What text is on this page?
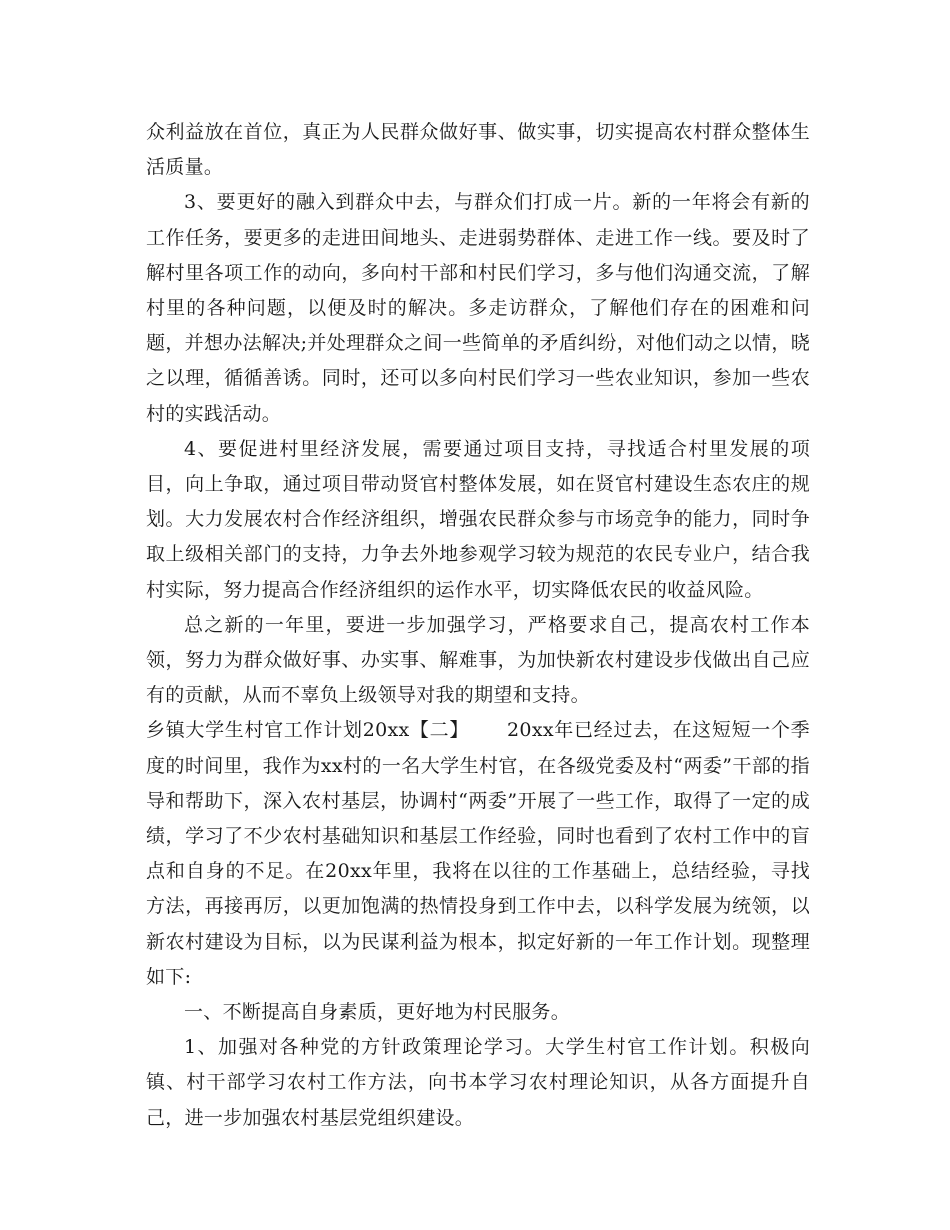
众利益放在首位，真正为人民群众做好事、做实事，切实提高农村群众整体生活质量。

3、要更好的融入到群众中去，与群众们打成一片。新的一年将会有新的工作任务，要更多的走进田间地头、走进弱势群体、走进工作一线。要及时了解村里各项工作的动向，多向村干部和村民们学习，多与他们沟通交流，了解村里的各种问题，以便及时的解决。多走访群众，了解他们存在的困难和问题，并想办法解决;并处理群众之间一些简单的矛盾纠纷，对他们动之以情，晓之以理，循循善诱。同时，还可以多向村民们学习一些农业知识，参加一些农村的实践活动。

4、要促进村里经济发展，需要通过项目支持，寻找适合村里发展的项目，向上争取，通过项目带动贤官村整体发展，如在贤官村建设生态农庄的规划。大力发展农村合作经济组织，增强农民群众参与市场竞争的能力，同时争取上级相关部门的支持，力争去外地参观学习较为规范的农民专业户，结合我村实际，努力提高合作经济组织的运作水平，切实降低农民的收益风险。

总之新的一年里，要进一步加强学习，严格要求自己，提高农村工作本领，努力为群众做好事、办实事、解难事，为加快新农村建设步伐做出自己应有的贡献，从而不辜负上级领导对我的期望和支持。

乡镇大学生村官工作计划20xx【二】 20xx年已经过去，在这短短一个季度的时间里，我作为xx村的一名大学生村官，在各级党委及村“两委”干部的指导和帮助下，深入农村基层，协调村“两委”开展了一些工作，取得了一定的成绩，学习了不少农村基础知识和基层工作经验，同时也看到了农村工作中的盲点和自身的不足。在20xx年里，我将在以往的工作基础上，总结经验，寻找方法，再接再厉，以更加饱满的热情投身到工作中去，以科学发展为统领，以新农村建设为目标，以为民谋利益为根本，拟定好新的一年工作计划。现整理如下:

一、不断提高自身素质，更好地为村民服务。

1、加强对各种党的方针政策理论学习。大学生村官工作计划。积极向镇、村干部学习农村工作方法，向书本学习农村理论知识，从各方面提升自己，进一步加强农村基层党组织建设。
